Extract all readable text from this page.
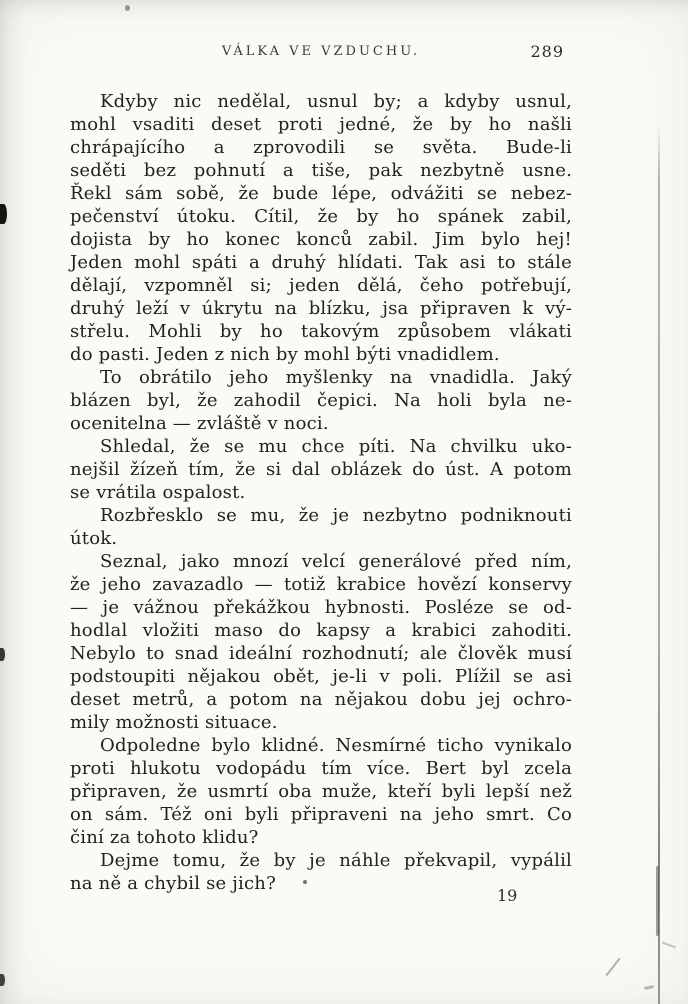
VÁLKA VE VZDUCHU.	289
Kdyby nic nedělal, usnul by; a kdyby usnul,
mohl vsaditi deset proti jedné, že by ho našli
chrápajícího a zprovodili se světa. Bude-li
seděti bez pohnutí a tiše, pak nezbytně usne.
Řekl sám sobě, že bude lépe, odvážiti se nebez-
pečenství útoku. Cítil, že by ho spánek zabil,
dojista by ho konec konců zabil. Jim bylo hej!
Jeden mohl spáti a druhý hlídati. Tak asi to stále
dělají, vzpomněl si; jeden dělá, čeho potřebují,
druhý leží v úkrytu na blízku, jsa připraven k vý-
střelu. Mohli by ho takovým způsobem vlákati
do pasti. Jeden z nich by mohl býti vnadidlem.
To obrátilo jeho myšlenky na vnadidla. Jaký
blázen byl, že zahodil čepici. Na holi byla ne-
ocenitelna — zvláště v noci.
Shledal, že se mu chce píti. Na chvilku uko-
nejšil žízeň tím, že si dal oblázek do úst. A potom
se vrátila ospalost.
Rozbřesklo se mu, že je nezbytno podniknouti
útok.
Seznal, jako mnozí velcí generálové před ním,
že jeho zavazadlo — totiž krabice hovězí konservy
— je vážnou překážkou hybnosti. Posléze se od-
hodlal vložiti maso do kapsy a krabici zahoditi.
Nebylo to snad ideální rozhodnutí; ale člověk musí
podstoupiti nějakou obět, je-li v poli. Plížil se asi
deset metrů, a potom na nějakou dobu jej ochro-
mily možnosti situace.
Odpoledne bylo klidné. Nesmírné ticho vynikalo
proti hlukotu vodopádu tím více. Bert byl zcela
připraven, že usmrtí oba muže, kteří byli lepší než
on sám. Též oni byli připraveni na jeho smrt. Co
činí za tohoto klidu?
Dejme tomu, že by je náhle překvapil, vypálil
na ně a chybil se jich?
19
